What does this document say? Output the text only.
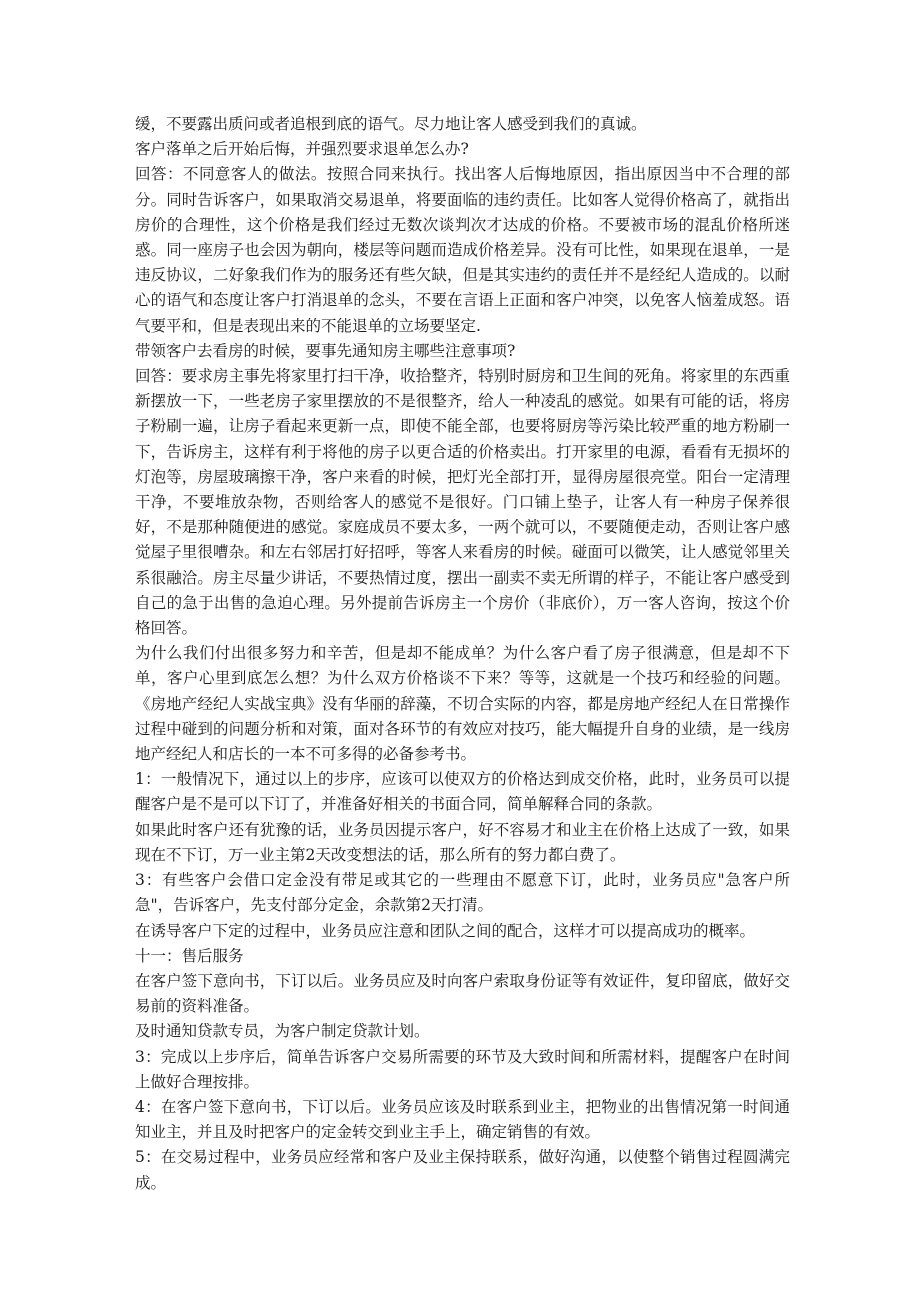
缓，不要露出质问或者追根到底的语气。尽力地让客人感受到我们的真诚。

客户落单之后开始后悔，并强烈要求退单怎么办?

回答：不同意客人的做法。按照合同来执行。找出客人后悔地原因，指出原因当中不合理的部分。同时告诉客户，如果取消交易退单，将要面临的违约责任。比如客人觉得价格高了，就指出房价的合理性，这个价格是我们经过无数次谈判次才达成的价格。不要被市场的混乱价格所迷惑。同一座房子也会因为朝向，楼层等问题而造成价格差异。没有可比性，如果现在退单，一是违反协议，二好象我们作为的服务还有些欠缺，但是其实违约的责任并不是经纪人造成的。以耐心的语气和态度让客户打消退单的念头，不要在言语上正面和客户冲突，以免客人恼羞成怒。语气要平和，但是表现出来的不能退单的立场要坚定.

带领客户去看房的时候，要事先通知房主哪些注意事项?

回答：要求房主事先将家里打扫干净，收拾整齐，特别时厨房和卫生间的死角。将家里的东西重新摆放一下，一些老房子家里摆放的不是很整齐，给人一种凌乱的感觉。如果有可能的话，将房子粉刷一遍，让房子看起来更新一点，即使不能全部，也要将厨房等污染比较严重的地方粉刷一下，告诉房主，这样有利于将他的房子以更合适的价格卖出。打开家里的电源，看看有无损坏的灯泡等，房屋玻璃擦干净，客户来看的时候，把灯光全部打开，显得房屋很亮堂。阳台一定清理干净，不要堆放杂物，否则给客人的感觉不是很好。门口铺上垫子，让客人有一种房子保养很好，不是那种随便进的感觉。家庭成员不要太多，一两个就可以，不要随便走动，否则让客户感觉屋子里很嘈杂。和左右邻居打好招呼，等客人来看房的时候。碰面可以微笑，让人感觉邻里关系很融洽。房主尽量少讲话，不要热情过度，摆出一副卖不卖无所谓的样子，不能让客户感受到自己的急于出售的急迫心理。另外提前告诉房主一个房价（非底价），万一客人咨询，按这个价格回答。

为什么我们付出很多努力和辛苦，但是却不能成单？为什么客户看了房子很满意，但是却不下单，客户心里到底怎么想？为什么双方价格谈不下来？等等，这就是一个技巧和经验的问题。《房地产经纪人实战宝典》没有华丽的辞藻，不切合实际的内容，都是房地产经纪人在日常操作过程中碰到的问题分析和对策，面对各环节的有效应对技巧，能大幅提升自身的业绩，是一线房地产经纪人和店长的一本不可多得的必备参考书。

1：一般情况下，通过以上的步序，应该可以使双方的价格达到成交价格，此时，业务员可以提醒客户是不是可以下订了，并准备好相关的书面合同，简单解释合同的条款。

如果此时客户还有犹豫的话，业务员因提示客户，好不容易才和业主在价格上达成了一致，如果现在不下订，万一业主第2天改变想法的话，那么所有的努力都白费了。

3：有些客户会借口定金没有带足或其它的一些理由不愿意下订，此时，业务员应"急客户所急"，告诉客户，先支付部分定金，余款第2天打清。

在诱导客户下定的过程中，业务员应注意和团队之间的配合，这样才可以提高成功的概率。

十一：售后服务

在客户签下意向书，下订以后。业务员应及时向客户索取身份证等有效证件，复印留底，做好交易前的资料准备。

及时通知贷款专员，为客户制定贷款计划。

3：完成以上步序后，简单告诉客户交易所需要的环节及大致时间和所需材料，提醒客户在时间上做好合理按排。

4：在客户签下意向书，下订以后。业务员应该及时联系到业主，把物业的出售情况第一时间通知业主，并且及时把客户的定金转交到业主手上，确定销售的有效。

5：在交易过程中，业务员应经常和客户及业主保持联系，做好沟通，以使整个销售过程圆满完成。
